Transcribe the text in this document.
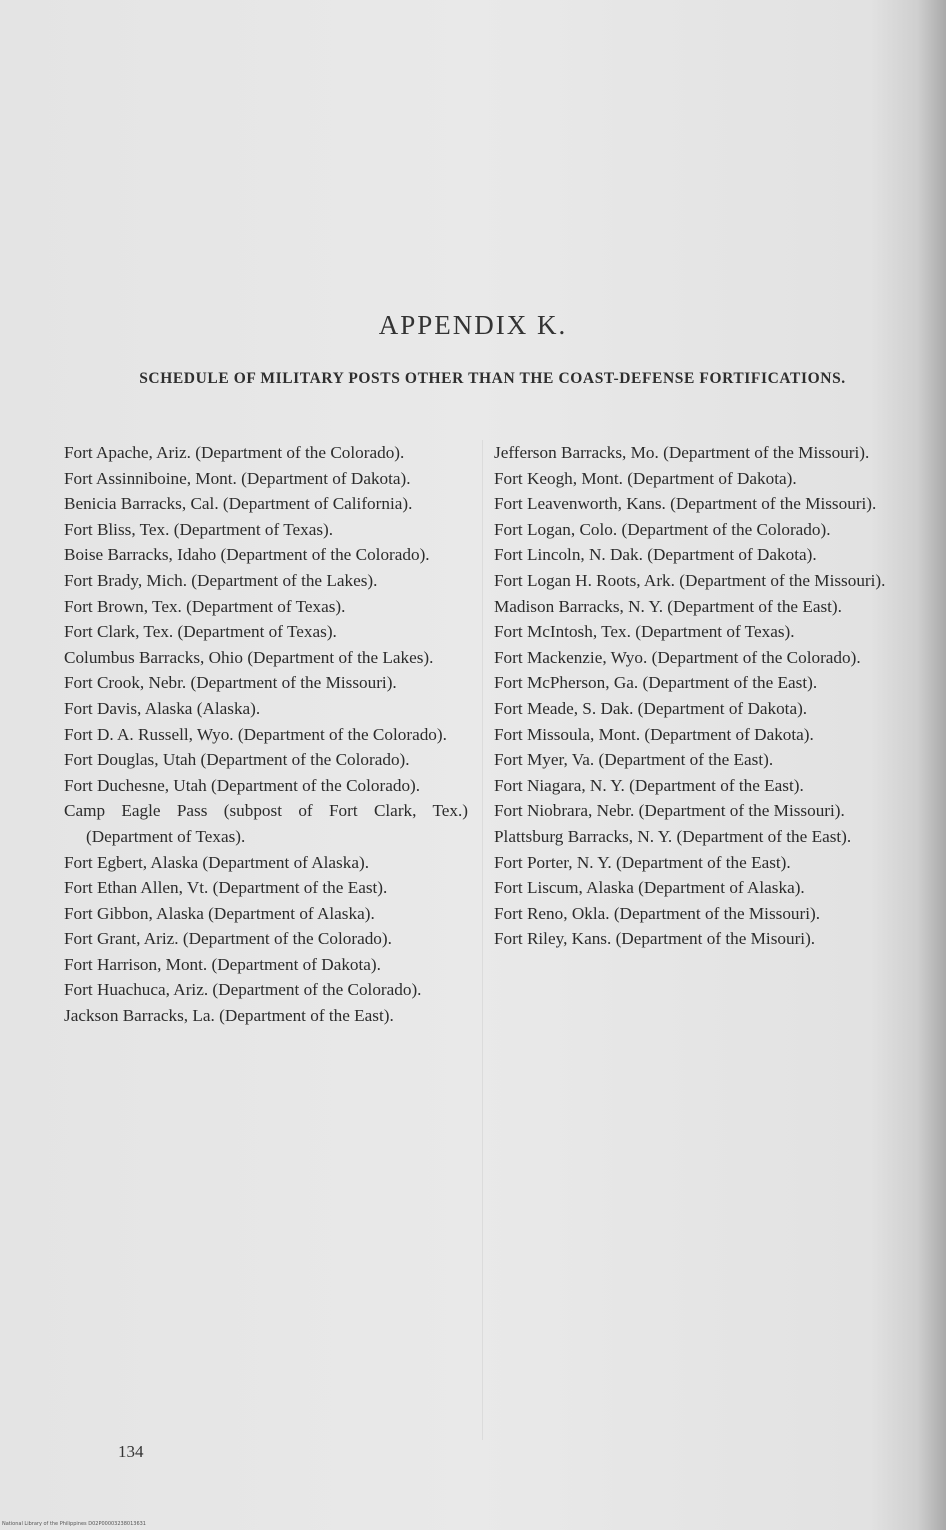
APPENDIX K.
SCHEDULE OF MILITARY POSTS OTHER THAN THE COAST-DEFENSE FORTIFICATIONS.

Fort Apache, Ariz. (Department of the Colorado).

Fort Assinniboine, Mont. (Department of Dakota).

Benicia Barracks, Cal. (Department of California).

Fort Bliss, Tex. (Department of Texas).

Boise Barracks, Idaho (Department of the Colorado).

Fort Brady, Mich. (Department of the Lakes).

Fort Brown, Tex. (Department of Texas).

Fort Clark, Tex. (Department of Texas).

Columbus Barracks, Ohio (Department of the Lakes).

Fort Crook, Nebr. (Department of the Missouri).

Fort Davis, Alaska (Alaska).

Fort D. A. Russell, Wyo. (Department of the Colorado).

Fort Douglas, Utah (Department of the Colorado).

Fort Duchesne, Utah (Department of the Colorado).

Camp Eagle Pass (subpost of Fort Clark, Tex.) (Department of Texas).

Fort Egbert, Alaska (Department of Alaska).

Fort Ethan Allen, Vt. (Department of the East).

Fort Gibbon, Alaska (Department of Alaska).

Fort Grant, Ariz. (Department of the Colorado).

Fort Harrison, Mont. (Department of Dakota).

Fort Huachuca, Ariz. (Department of the Colorado).

Jackson Barracks, La. (Department of the East).

Jefferson Barracks, Mo. (Department of the Missouri).

Fort Keogh, Mont. (Department of Dakota).

Fort Leavenworth, Kans. (Department of the Missouri).

Fort Logan, Colo. (Department of the Colorado).

Fort Lincoln, N. Dak. (Department of Dakota).

Fort Logan H. Roots, Ark. (Department of the Missouri).

Madison Barracks, N. Y. (Department of the East).

Fort McIntosh, Tex. (Department of Texas).

Fort Mackenzie, Wyo. (Department of the Colorado).

Fort McPherson, Ga. (Department of the East).

Fort Meade, S. Dak. (Department of Dakota).

Fort Missoula, Mont. (Department of Dakota).

Fort Myer, Va. (Department of the East).

Fort Niagara, N. Y. (Department of the East).

Fort Niobrara, Nebr. (Department of the Missouri).

Plattsburg Barracks, N. Y. (Department of the East).

Fort Porter, N. Y. (Department of the East).

Fort Liscum, Alaska (Department of Alaska).

Fort Reno, Okla. (Department of the Missouri).

Fort Riley, Kans. (Department of the Misouri).

134
National Library of the Philippines D02P00003238013631
